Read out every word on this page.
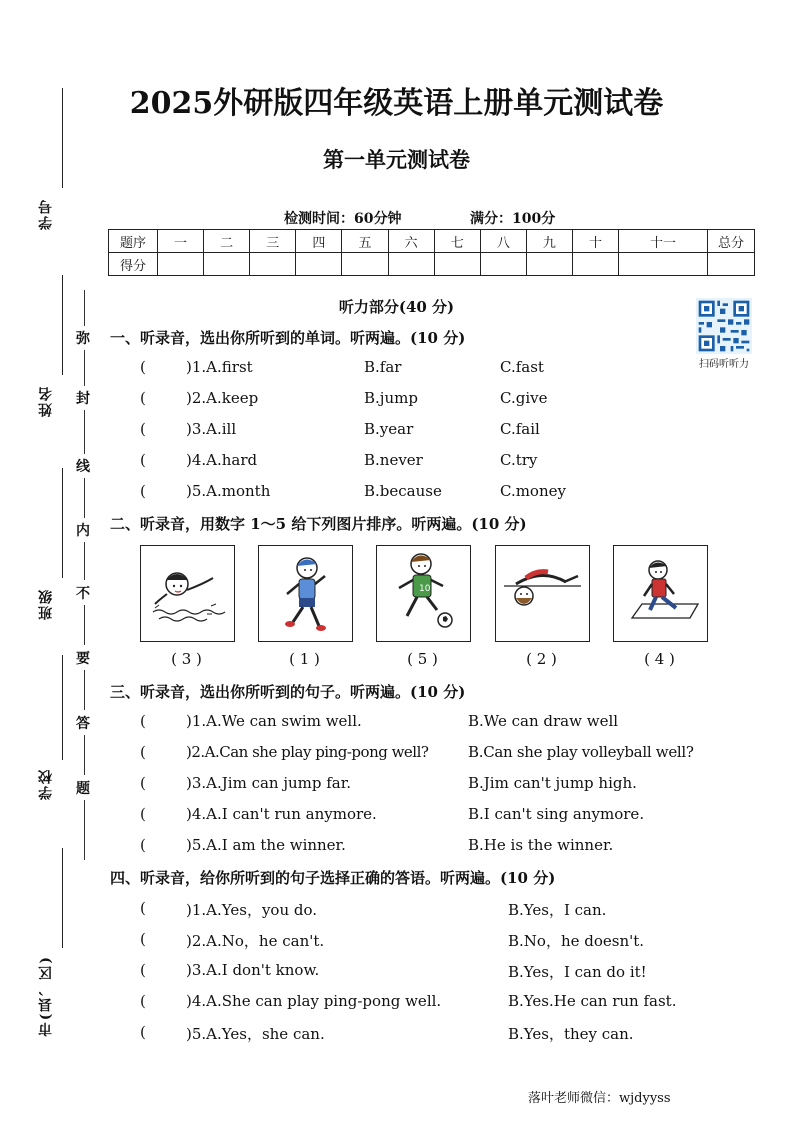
学号
姓名
班级
学校
市(县、区)
弥
封
线
内
不
要
答
题
2025外研版四年级英语上册单元测试卷
第一单元测试卷
检测时间：60分钟	满分：100分
题序	一	二	三	四	五	六	七	八	九	十	十一	总分
得分												
听力部分(40 分)
扫码听听力
一、听录音，选出你所听到的单词。听两遍。(10 分)
(	)1.A.first	B.far	C.fast
(	)2.A.keep	B.jump	C.give
(	)3.A.ill	B.year	C.fail
(	)4.A.hard	B.never	C.try
(	)5.A.month	B.because	C.money
二、听录音，用数字 1～5 给下列图片排序。听两遍。(10 分)
10
( 3 )	( 1 )	( 5 )	( 2 )	( 4 )
三、听录音，选出你所听到的句子。听两遍。(10 分)
(	)1.A.We can swim well.	B.We can draw well
(	)2.A.Can she play ping-pong well?	B.Can she play volleyball well?
(	)3.A.Jim can jump far.	B.Jim can't jump high.
(	)4.A.I can't run anymore.	B.I can't sing anymore.
(	)5.A.I am the winner.	B.He is the winner.
四、听录音，给你所听到的句子选择正确的答语。听两遍。(10 分)
(	)1.A.Yes，you do.	B.Yes，I can.
(	)2.A.No，he can't.	B.No，he doesn't.
(	)3.A.I don't know.	B.Yes，I can do it!
(	)4.A.She can play ping-pong well.	B.Yes.He can run fast.
(	)5.A.Yes，she can.	B.Yes，they can.
落叶老师微信：wjdyyss
